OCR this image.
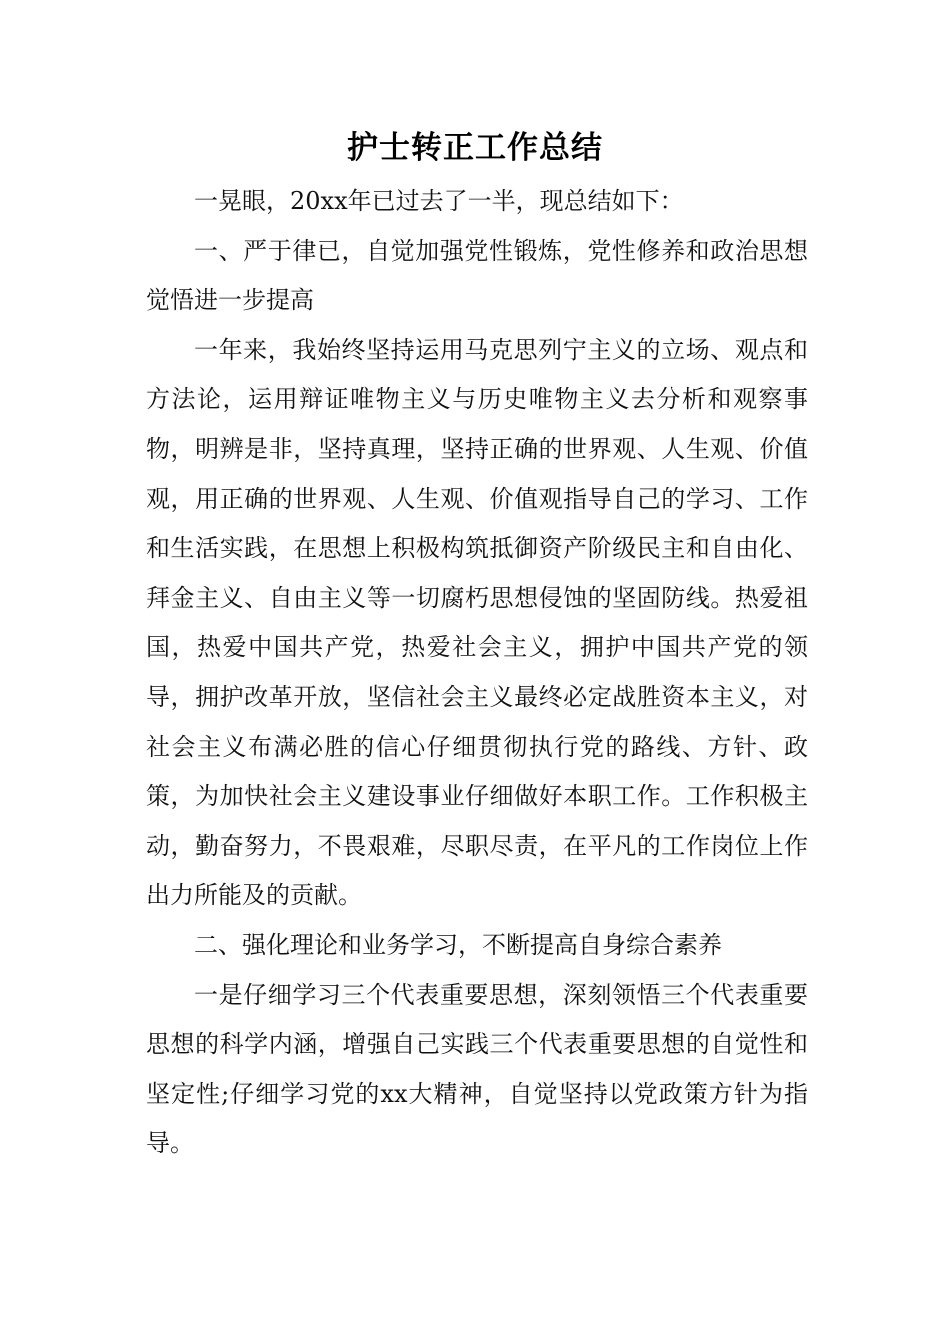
护士转正工作总结

一晃眼，20xx年已过去了一半，现总结如下：

一、严于律已，自觉加强党性锻炼，党性修养和政治思想觉悟进一步提高

一年来，我始终坚持运用马克思列宁主义的立场、观点和方法论，运用辩证唯物主义与历史唯物主义去分析和观察事物，明辨是非，坚持真理，坚持正确的世界观、人生观、价值观，用正确的世界观、人生观、价值观指导自己的学习、工作和生活实践，在思想上积极构筑抵御资产阶级民主和自由化、拜金主义、自由主义等一切腐朽思想侵蚀的坚固防线。热爱祖国，热爱中国共产党，热爱社会主义，拥护中国共产党的领导，拥护改革开放，坚信社会主义最终必定战胜资本主义，对社会主义布满必胜的信心仔细贯彻执行党的路线、方针、政策，为加快社会主义建设事业仔细做好本职工作。工作积极主动，勤奋努力，不畏艰难，尽职尽责，在平凡的工作岗位上作出力所能及的贡献。

二、强化理论和业务学习，不断提高自身综合素养

一是仔细学习三个代表重要思想，深刻领悟三个代表重要思想的科学内涵，增强自己实践三个代表重要思想的自觉性和坚定性;仔细学习党的xx大精神，自觉坚持以党政策方针为指导。
